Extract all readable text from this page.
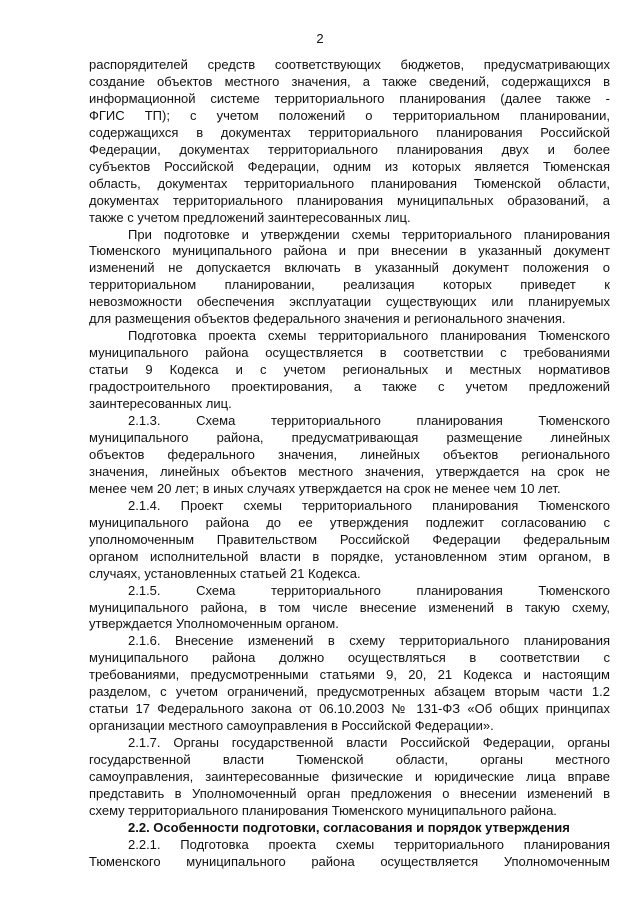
2

распорядителей средств соответствующих бюджетов, предусматривающих
создание объектов местного значения, а также сведений, содержащихся в
информационной системе территориального планирования (далее также -
ФГИС ТП); с учетом положений о территориальном планировании,
содержащихся в документах территориального планирования Российской
Федерации, документах территориального планирования двух и более
субъектов Российской Федерации, одним из которых является Тюменская
область, документах территориального планирования Тюменской области,
документах территориального планирования муниципальных образований, а
также с учетом предложений заинтересованных лиц.

При подготовке и утверждении схемы территориального планирования
Тюменского муниципального района и при внесении в указанный документ
изменений не допускается включать в указанный документ положения о
территориальном планировании, реализация которых приведет к
невозможности обеспечения эксплуатации существующих или планируемых
для размещения объектов федерального значения и регионального значения.

Подготовка проекта схемы территориального планирования Тюменского
муниципального района осуществляется в соответствии с требованиями
статьи 9 Кодекса и с учетом региональных и местных нормативов
градостроительного проектирования, а также с учетом предложений
заинтересованных лиц.

2.1.3. Схема территориального планирования Тюменского
муниципального района, предусматривающая размещение линейных
объектов федерального значения, линейных объектов регионального
значения, линейных объектов местного значения, утверждается на срок не
менее чем 20 лет; в иных случаях утверждается на срок не менее чем 10 лет.

2.1.4. Проект схемы территориального планирования Тюменского
муниципального района до ее утверждения подлежит согласованию с
уполномоченным Правительством Российской Федерации федеральным
органом исполнительной власти в порядке, установленном этим органом, в
случаях, установленных статьей 21 Кодекса.

2.1.5. Схема территориального планирования Тюменского
муниципального района, в том числе внесение изменений в такую схему,
утверждается Уполномоченным органом.

2.1.6. Внесение изменений в схему территориального планирования
муниципального района должно осуществляться в соответствии с
требованиями, предусмотренными статьями 9, 20, 21 Кодекса и настоящим
разделом, с учетом ограничений, предусмотренных абзацем вторым части 1.2
статьи 17 Федерального закона от 06.10.2003 № 131-ФЗ «Об общих принципах
организации местного самоуправления в Российской Федерации».

2.1.7. Органы государственной власти Российской Федерации, органы
государственной власти Тюменской области, органы местного
самоуправления, заинтересованные физические и юридические лица вправе
представить в Уполномоченный орган предложения о внесении изменений в
схему территориального планирования Тюменского муниципального района.

2.2. Особенности подготовки, согласования и порядок утверждения

2.2.1. Подготовка проекта схемы территориального планирования
Тюменского муниципального района осуществляется Уполномоченным
